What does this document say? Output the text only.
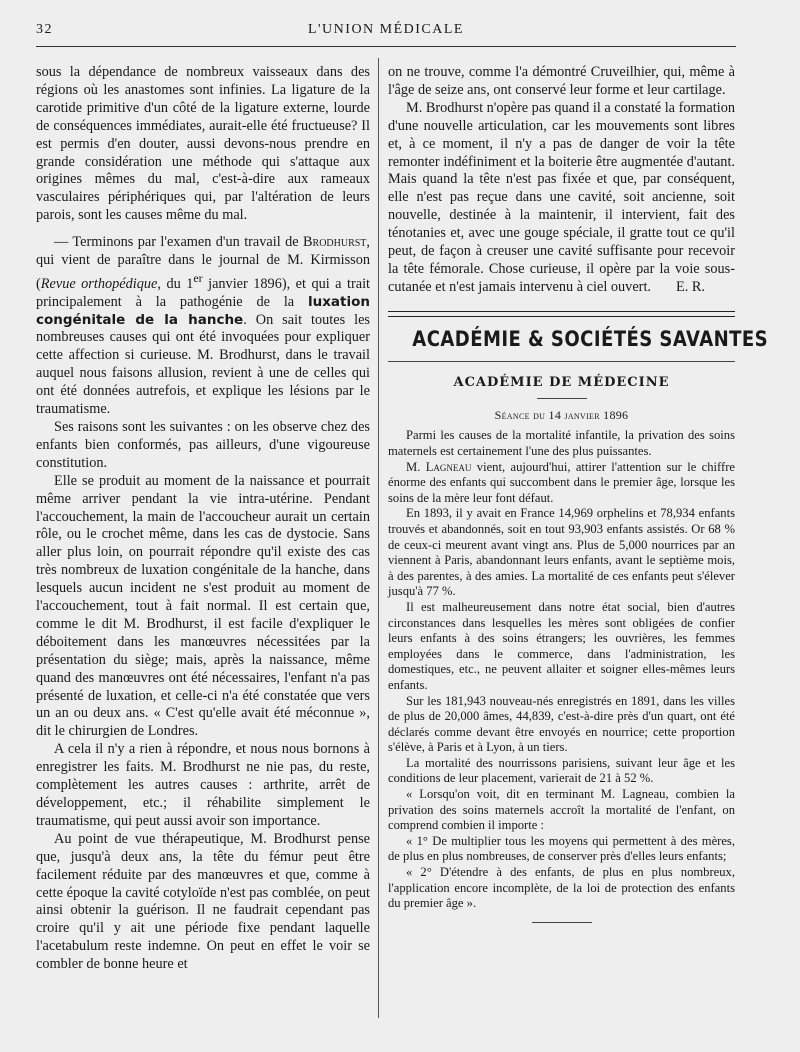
32	L'UNION MÉDICALE

sous la dépendance de nombreux vaisseaux dans des régions où les anastomes sont infinies. La ligature de la carotide primitive d'un côté de la ligature externe, lourde de conséquences immédiates, aurait-elle été fructueuse? Il est permis d'en douter, aussi devons-nous prendre en grande considération une méthode qui s'attaque aux origines mêmes du mal, c'est-à-dire aux rameaux vasculaires périphériques qui, par l'altération de leurs parois, sont les causes même du mal.

— Terminons par l'examen d'un travail de Brodhurst, qui vient de paraître dans le journal de M. Kirmisson (Revue orthopédique, du 1er janvier 1896), et qui a trait principalement à la pathogénie de la luxation congénitale de la hanche. On sait toutes les nombreuses causes qui ont été invoquées pour expliquer cette affection si curieuse. M. Brodhurst, dans le travail auquel nous faisons allusion, revient à une de celles qui ont été données autrefois, et explique les lésions par le traumatisme.

Ses raisons sont les suivantes : on les observe chez des enfants bien conformés, pas ailleurs, d'une vigoureuse constitution.

Elle se produit au moment de la naissance et pourrait même arriver pendant la vie intra-utérine. Pendant l'accouchement, la main de l'accoucheur aurait un certain rôle, ou le crochet même, dans les cas de dystocie. Sans aller plus loin, on pourrait répondre qu'il existe des cas très nombreux de luxation congénitale de la hanche, dans lesquels aucun incident ne s'est produit au moment de l'accouchement, tout à fait normal. Il est certain que, comme le dit M. Brodhurst, il est facile d'expliquer le déboitement dans les manœuvres nécessitées par la présentation du siège; mais, après la naissance, même quand des manœuvres ont été nécessaires, l'enfant n'a pas présenté de luxation, et celle-ci n'a été constatée que vers un an ou deux ans. « C'est qu'elle avait été méconnue », dit le chirurgien de Londres.

A cela il n'y a rien à répondre, et nous nous bornons à enregistrer les faits. M. Brodhurst ne nie pas, du reste, complètement les autres causes : arthrite, arrêt de développement, etc.; il réhabilite simplement le traumatisme, qui peut aussi avoir son importance.

Au point de vue thérapeutique, M. Brodhurst pense que, jusqu'à deux ans, la tête du fémur peut être facilement réduite par des manœuvres et que, comme à cette époque la cavité cotyloïde n'est pas comblée, on peut ainsi obtenir la guérison. Il ne faudrait cependant pas croire qu'il y ait une période fixe pendant laquelle l'acetabulum reste indemne. On peut en effet le voir se combler de bonne heure et

on ne trouve, comme l'a démontré Cruveilhier, qui, même à l'âge de seize ans, ont conservé leur forme et leur cartilage.

M. Brodhurst n'opère pas quand il a constaté la formation d'une nouvelle articulation, car les mouvements sont libres et, à ce moment, il n'y a pas de danger de voir la tête remonter indéfiniment et la boiterie être augmentée d'autant. Mais quand la tête n'est pas fixée et que, par conséquent, elle n'est pas reçue dans une cavité, soit ancienne, soit nouvelle, destinée à la maintenir, il intervient, fait des ténotanies et, avec une gouge spéciale, il gratte tout ce qu'il peut, de façon à creuser une cavité suffisante pour recevoir la tête fémorale. Chose curieuse, il opère par la voie sous-cutanée et n'est jamais intervenu à ciel ouvert.	E. R.
ACADÉMIE & SOCIÉTÉS SAVANTES
ACADÉMIE DE MÉDECINE
Séance du 14 janvier 1896

Parmi les causes de la mortalité infantile, la privation des soins maternels est certainement l'une des plus puissantes.

M. Lagneau vient, aujourd'hui, attirer l'attention sur le chiffre énorme des enfants qui succombent dans le premier âge, lorsque les soins de la mère leur font défaut.

En 1893, il y avait en France 14,969 orphelins et 78,934 enfants trouvés et abandonnés, soit en tout 93,903 enfants assistés. Or 68 % de ceux-ci meurent avant vingt ans. Plus de 5,000 nourrices par an viennent à Paris, abandonnant leurs enfants, avant le septième mois, à des parentes, à des amies. La mortalité de ces enfants peut s'élever jusqu'à 77 %.

Il est malheureusement dans notre état social, bien d'autres circonstances dans lesquelles les mères sont obligées de confier leurs enfants à des soins étrangers; les ouvrières, les femmes employées dans le commerce, dans l'administration, les domestiques, etc., ne peuvent allaiter et soigner elles-mêmes leurs enfants.

Sur les 181,943 nouveau-nés enregistrés en 1891, dans les villes de plus de 20,000 âmes, 44,839, c'est-à-dire près d'un quart, ont été déclarés comme devant être envoyés en nourrice; cette proportion s'élève, à Paris et à Lyon, à un tiers.

La mortalité des nourrissons parisiens, suivant leur âge et les conditions de leur placement, varierait de 21 à 52 %.

« Lorsqu'on voit, dit en terminant M. Lagneau, combien la privation des soins maternels accroît la mortalité de l'enfant, on comprend combien il importe :

« 1° De multiplier tous les moyens qui permettent à des mères, de plus en plus nombreuses, de conserver près d'elles leurs enfants;

« 2° D'étendre à des enfants, de plus en plus nombreux, l'application encore incomplète, de la loi de protection des enfants du premier âge ».
